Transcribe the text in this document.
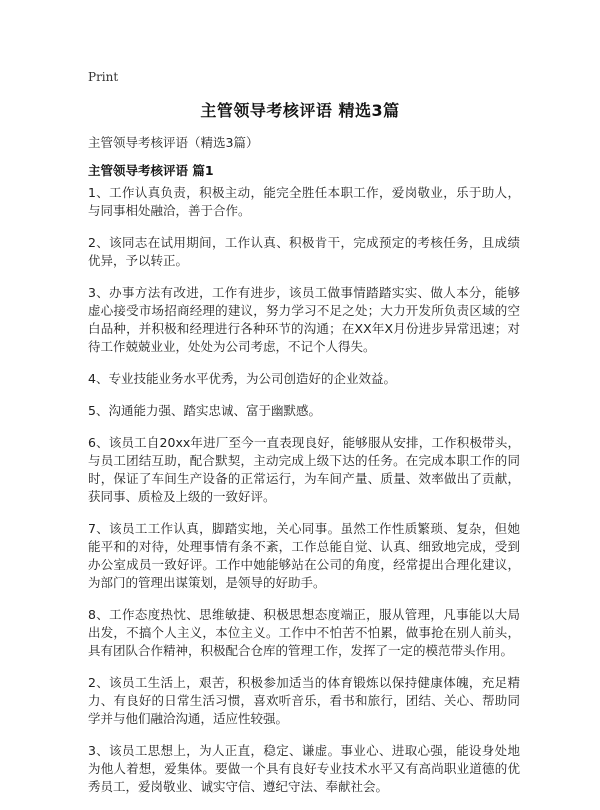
Print
主管领导考核评语 精选3篇
主管领导考核评语（精选3篇）
主管领导考核评语 篇1

1、工作认真负责，积极主动，能完全胜任本职工作，爱岗敬业，乐于助人，与同事相处融洽，善于合作。

2、该同志在试用期间，工作认真、积极肯干，完成预定的考核任务，且成绩优异，予以转正。

3、办事方法有改进，工作有进步，该员工做事情踏踏实实、做人本分，能够虚心接受市场招商经理的建议，努力学习不足之处；大力开发所负责区域的空白品种，并积极和经理进行各种环节的沟通；在XX年X月份进步异常迅速；对待工作兢兢业业，处处为公司考虑，不记个人得失。

4、专业技能业务水平优秀，为公司创造好的企业效益。

5、沟通能力强、踏实忠诚、富于幽默感。

6、该员工自20xx年进厂至今一直表现良好，能够服从安排，工作积极带头，与员工团结互助，配合默契，主动完成上级下达的任务。在完成本职工作的同时，保证了车间生产设备的正常运行，为车间产量、质量、效率做出了贡献，获同事、质检及上级的一致好评。

7、该员工工作认真，脚踏实地，关心同事。虽然工作性质繁琐、复杂，但她能平和的对待，处理事情有条不紊，工作总能自觉、认真、细致地完成，受到办公室成员一致好评。工作中她能够站在公司的角度，经常提出合理化建议，为部门的管理出谋策划，是领导的好助手。

8、工作态度热忱、思维敏捷、积极思想态度端正，服从管理，凡事能以大局出发，不搞个人主义，本位主义。工作中不怕苦不怕累，做事抢在别人前头，具有团队合作精神，积极配合仓库的管理工作，发挥了一定的模范带头作用。

2、该员工生活上，艰苦，积极参加适当的体育锻炼以保持健康体魄，充足精力、有良好的日常生活习惯，喜欢听音乐，看书和旅行，团结、关心、帮助同学并与他们融洽沟通，适应性较强。

3、该员工思想上，为人正直，稳定、谦虚。事业心、进取心强，能设身处地为他人着想，爱集体。要做一个具有良好专业技术水平又有高尚职业道德的优秀员工，爱岗敬业、诚实守信、遵纪守法、奉献社会。
